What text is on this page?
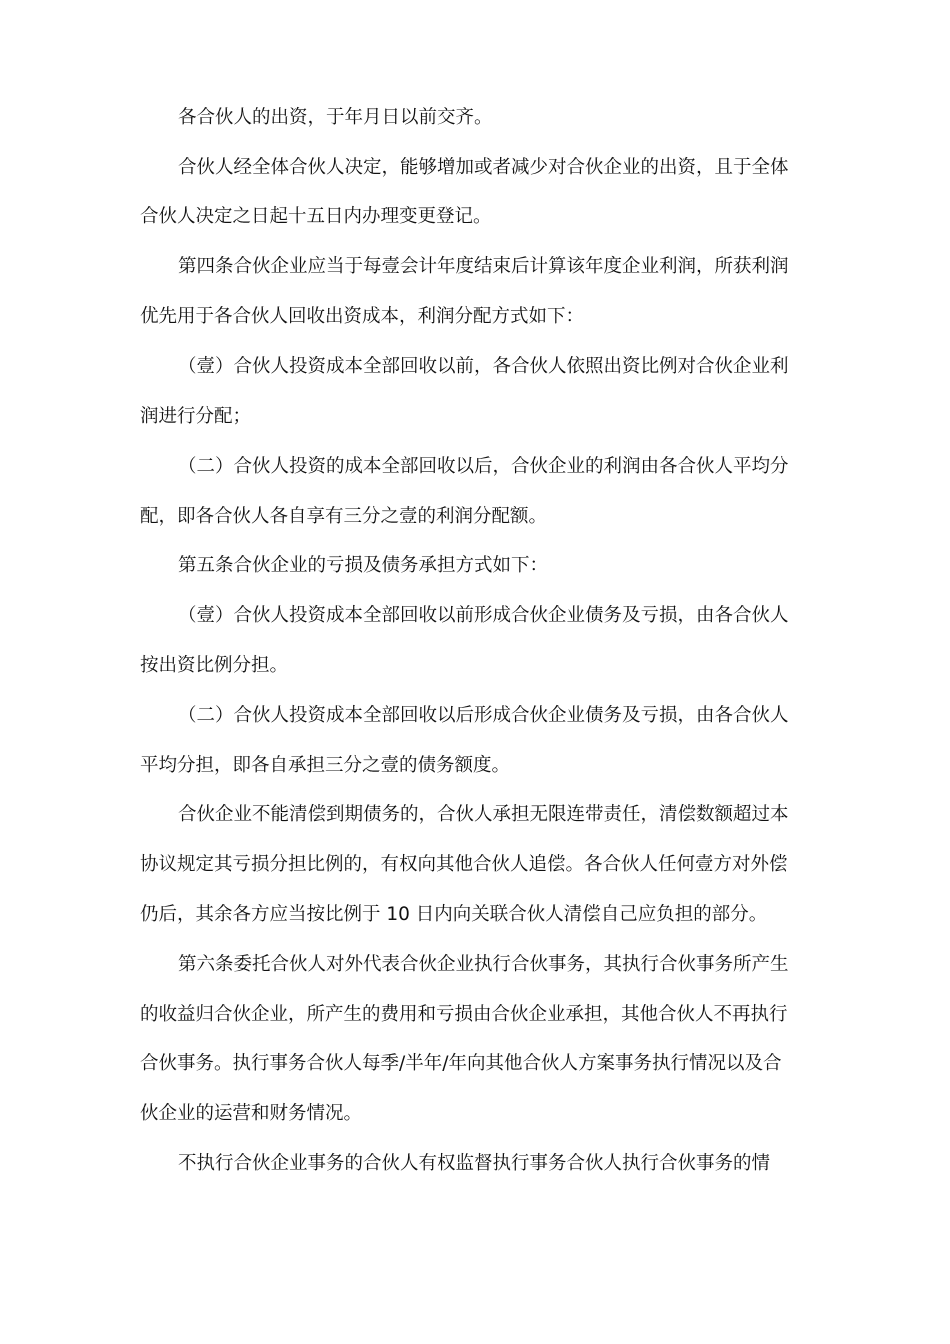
各合伙人的出资，于年月日以前交齐。
合伙人经全体合伙人决定，能够增加或者减少对合伙企业的出资，且于全体
合伙人决定之日起十五日内办理变更登记。
第四条合伙企业应当于每壹会计年度结束后计算该年度企业利润，所获利润
优先用于各合伙人回收出资成本，利润分配方式如下：
（壹）合伙人投资成本全部回收以前，各合伙人依照出资比例对合伙企业利
润进行分配；
（二）合伙人投资的成本全部回收以后，合伙企业的利润由各合伙人平均分
配，即各合伙人各自享有三分之壹的利润分配额。
第五条合伙企业的亏损及债务承担方式如下：
（壹）合伙人投资成本全部回收以前形成合伙企业债务及亏损，由各合伙人
按出资比例分担。
（二）合伙人投资成本全部回收以后形成合伙企业债务及亏损，由各合伙人
平均分担，即各自承担三分之壹的债务额度。
合伙企业不能清偿到期债务的，合伙人承担无限连带责任，清偿数额超过本
协议规定其亏损分担比例的，有权向其他合伙人追偿。各合伙人任何壹方对外偿
仍后，其余各方应当按比例于 10 日内向关联合伙人清偿自己应负担的部分。
第六条委托合伙人对外代表合伙企业执行合伙事务，其执行合伙事务所产生
的收益归合伙企业，所产生的费用和亏损由合伙企业承担，其他合伙人不再执行
合伙事务。执行事务合伙人每季/半年/年向其他合伙人方案事务执行情况以及合
伙企业的运营和财务情况。
不执行合伙企业事务的合伙人有权监督执行事务合伙人执行合伙事务的情
